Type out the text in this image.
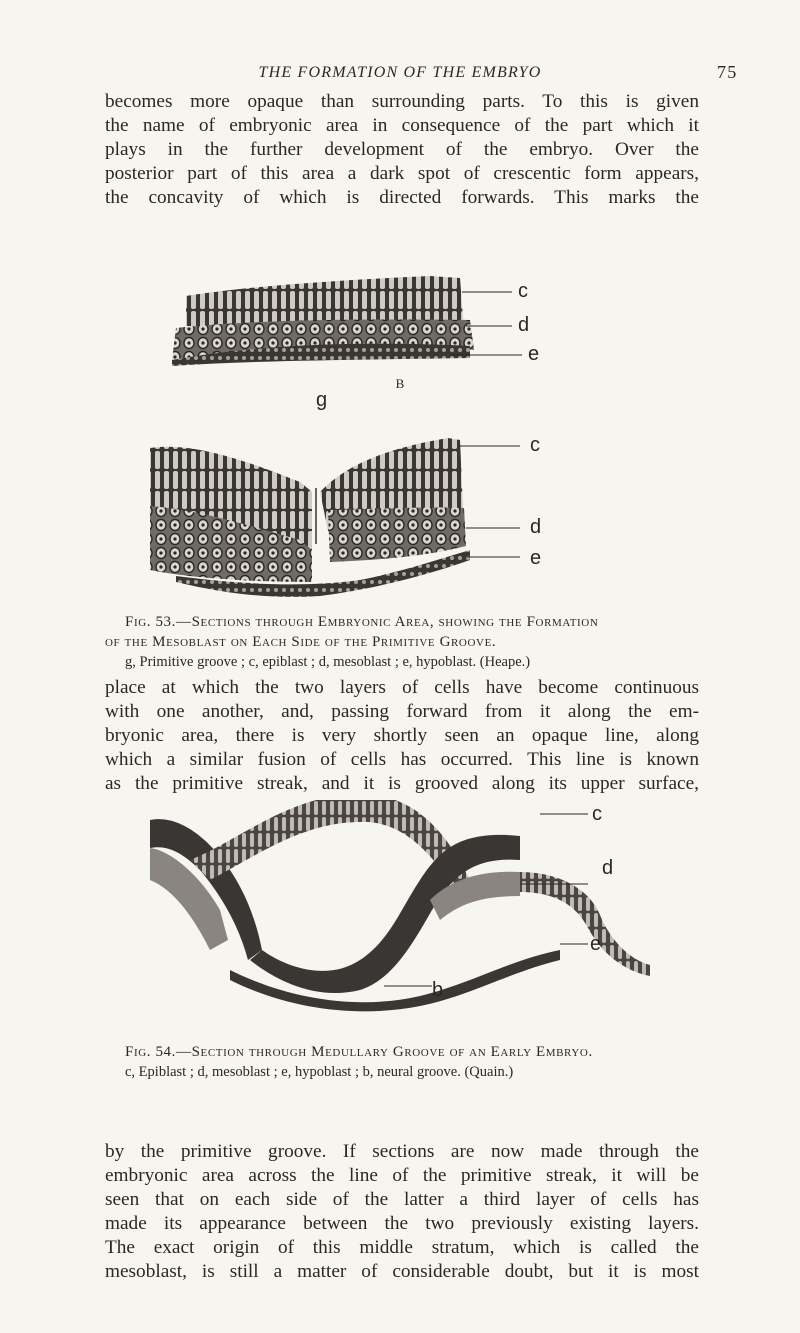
THE FORMATION OF THE EMBRYO	75

becomes more opaque than surrounding parts. To this is given
the name of embryonic area in consequence of the part which it
plays in the further development of the embryo. Over the
posterior part of this area a dark spot of crescentic form appears,
the concavity of which is directed forwards. This marks the

c
d
e
B
g
c
d
e

Fig. 53.—Sections through Embryonic Area, showing the Formation
of the Mesoblast on Each Side of the Primitive Groove.
g, Primitive groove ; c, epiblast ; d, mesoblast ; e, hypoblast. (Heape.)

place at which the two layers of cells have become continuous
with one another, and, passing forward from it along the em-
bryonic area, there is very shortly seen an opaque line, along
which a similar fusion of cells has occurred. This line is known
as the primitive streak, and it is grooved along its upper surface,

c
d
e
b

Fig. 54.—Section through Medullary Groove of an Early Embryo.
c, Epiblast ; d, mesoblast ; e, hypoblast ; b, neural groove. (Quain.)

by the primitive groove. If sections are now made through the
embryonic area across the line of the primitive streak, it will be
seen that on each side of the latter a third layer of cells has
made its appearance between the two previously existing layers.
The exact origin of this middle stratum, which is called the
mesoblast, is still a matter of considerable doubt, but it is most
